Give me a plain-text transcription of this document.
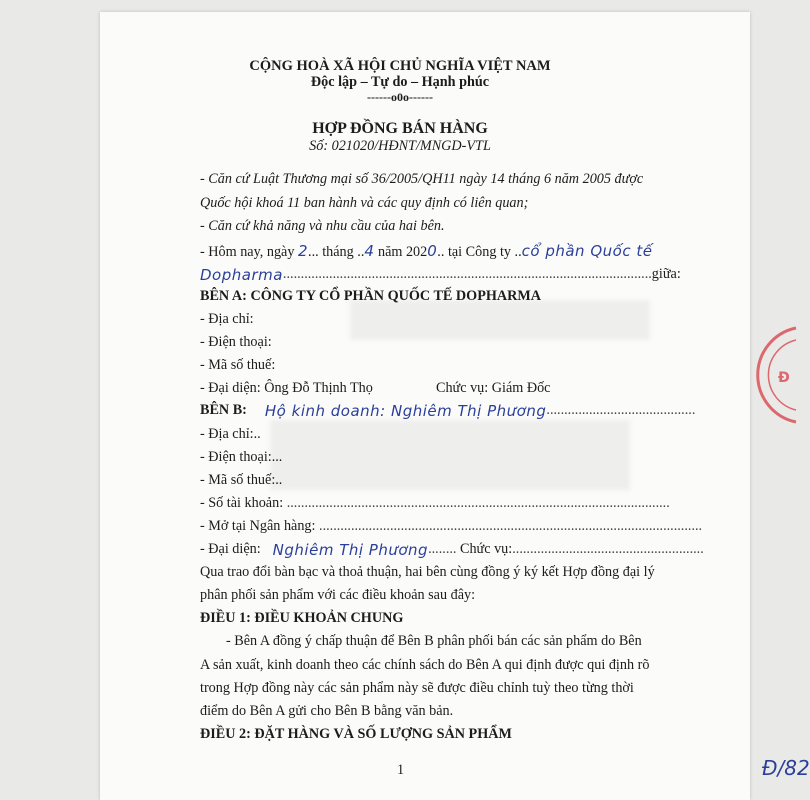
Đ
CỘNG HOÀ XÃ HỘI CHỦ NGHĨA VIỆT NAM
Độc lập – Tự do – Hạnh phúc
------o0o------
HỢP ĐỒNG BÁN HÀNG
Số: 021020/HĐNT/MNGD-VTL
- Căn cứ Luật Thương mại số 36/2005/QH11 ngày 14 tháng 6 năm 2005 được
Quốc hội khoá 11 ban hành và các quy định có liên quan;
- Căn cứ khả năng và nhu cầu của hai bên.
- Hôm nay, ngày 2... tháng ..4 năm 2020.. tại Công ty ..cổ phần Quốc tế
Dopharma ........................................................................................................ giữa:
BÊN A: CÔNG TY CỔ PHẦN QUỐC TẾ DOPHARMA
- Địa chỉ:
- Điện thoại:
- Mã số thuế:
- Đại diện: Ông Đỗ Thịnh Thọ	Chức vụ: Giám Đốc
BÊN B: Hộ kinh doanh: Nghiêm Thị Phương ..........................................
- Địa chỉ:..
- Điện thoại:...
- Mã số thuế:..
- Số tài khoản: ............................................................................................................
- Mở tại Ngân hàng: ............................................................................................................
- Đại diện: Nghiêm Thị Phương ........ Chức vụ: ......................................................
Qua trao đổi bàn bạc và thoả thuận, hai bên cùng đồng ý ký kết Hợp đồng đại lý
phân phối sản phẩm với các điều khoản sau đây:
ĐIỀU 1: ĐIỀU KHOẢN CHUNG
- Bên A đồng ý chấp thuận để Bên B phân phối bán các sản phẩm do Bên
A sản xuất, kinh doanh theo các chính sách do Bên A qui định được qui định rõ
trong Hợp đồng này các sản phẩm này sẽ được điều chỉnh tuỳ theo từng thời
điểm do Bên A gửi cho Bên B bằng văn bản.
ĐIỀU 2: ĐẶT HÀNG VÀ SỐ LƯỢNG SẢN PHẨM
1	Đ/82
